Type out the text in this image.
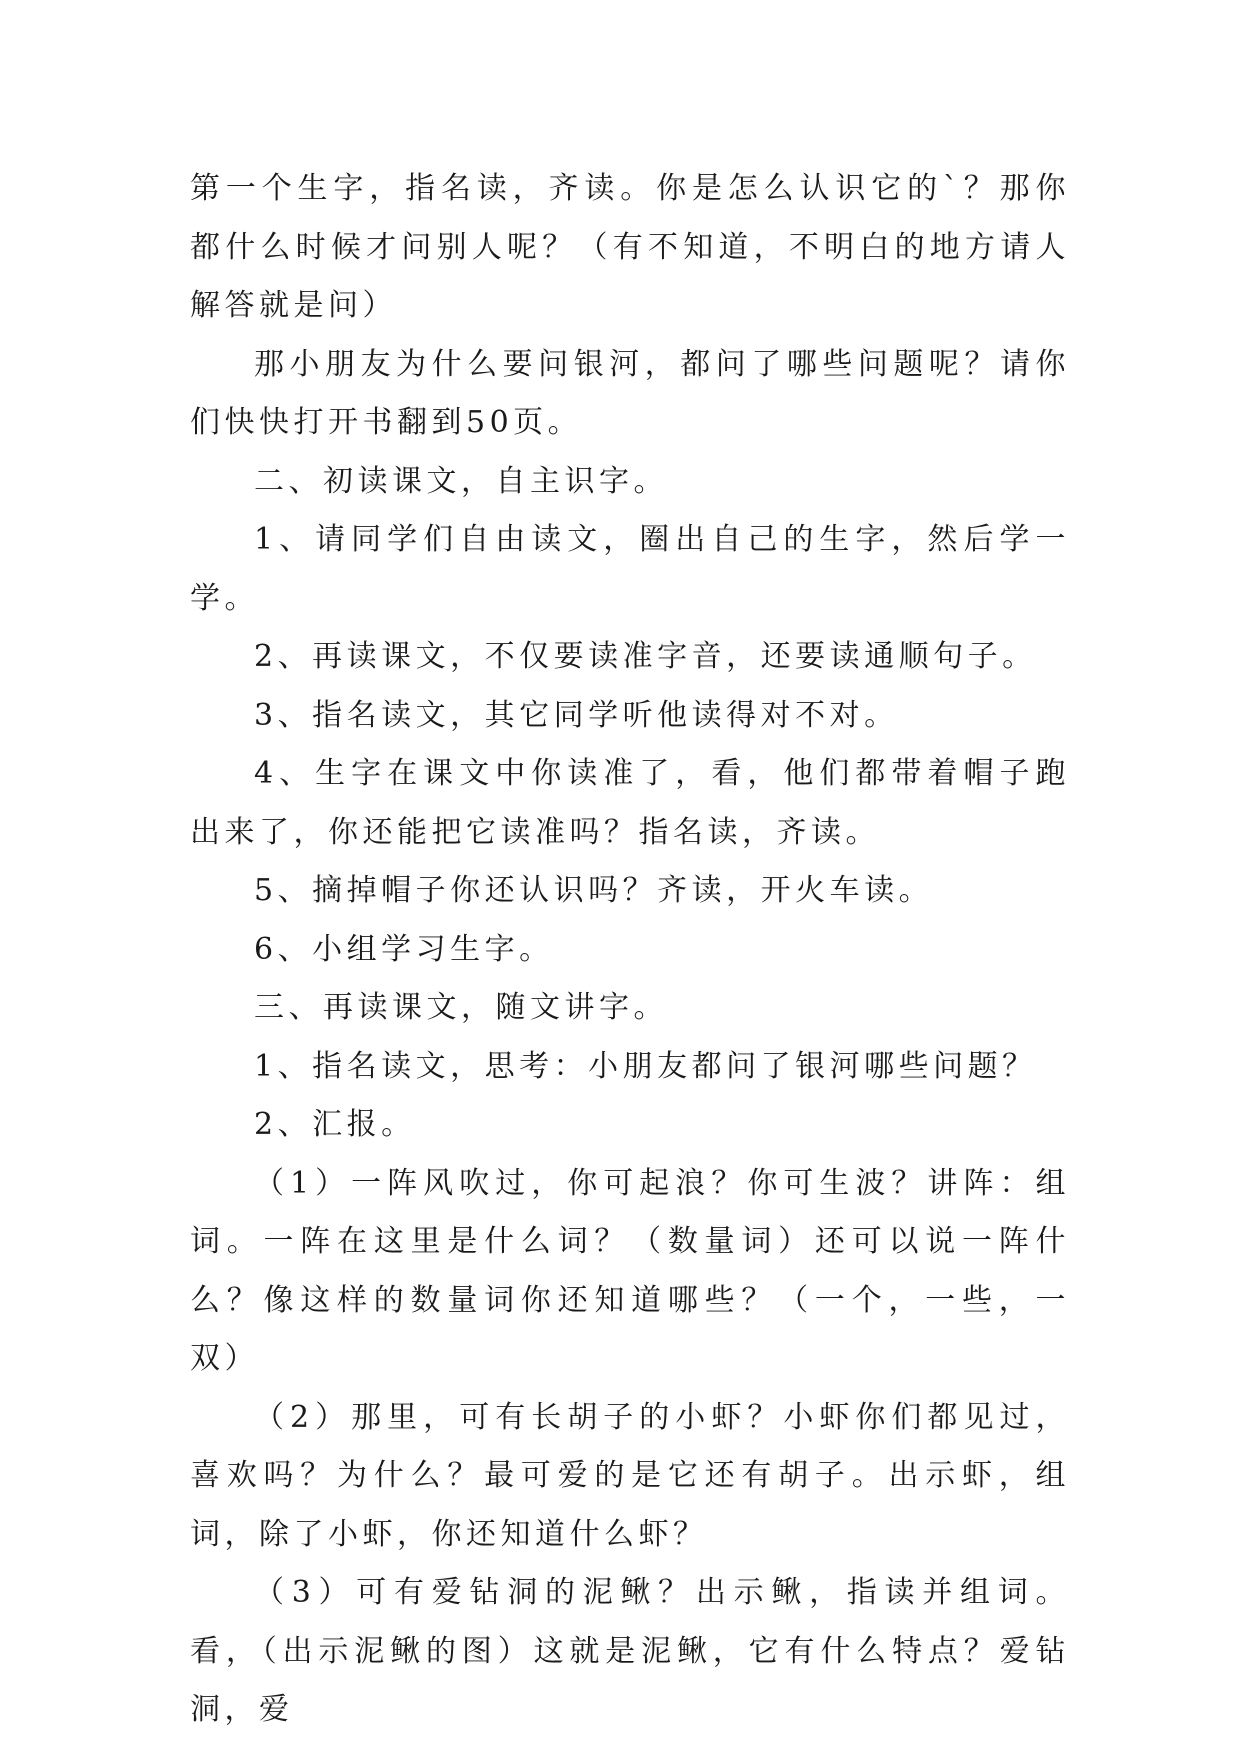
第一个生字，指名读，齐读。你是怎么认识它的`？那你都什么时候才问别人呢？（有不知道，不明白的地方请人解答就是问）

那小朋友为什么要问银河，都问了哪些问题呢？请你们快快打开书翻到50页。

二、初读课文，自主识字。

1、请同学们自由读文，圈出自己的生字，然后学一学。

2、再读课文，不仅要读准字音，还要读通顺句子。

3、指名读文，其它同学听他读得对不对。

4、生字在课文中你读准了，看，他们都带着帽子跑出来了，你还能把它读准吗？指名读，齐读。

5、摘掉帽子你还认识吗？齐读，开火车读。

6、小组学习生字。

三、再读课文，随文讲字。

1、指名读文，思考：小朋友都问了银河哪些问题？

2、汇报。

（1）一阵风吹过，你可起浪？你可生波？讲阵：组词。一阵在这里是什么词？（数量词）还可以说一阵什么？像这样的数量词你还知道哪些？（一个，一些，一双）

（2）那里，可有长胡子的小虾？小虾你们都见过，喜欢吗？为什么？最可爱的是它还有胡子。出示虾，组词，除了小虾，你还知道什么虾？

（3）可有爱钻洞的泥鳅？出示鳅，指读并组词。看，（出示泥鳅的图）这就是泥鳅，它有什么特点？爱钻洞，爱
